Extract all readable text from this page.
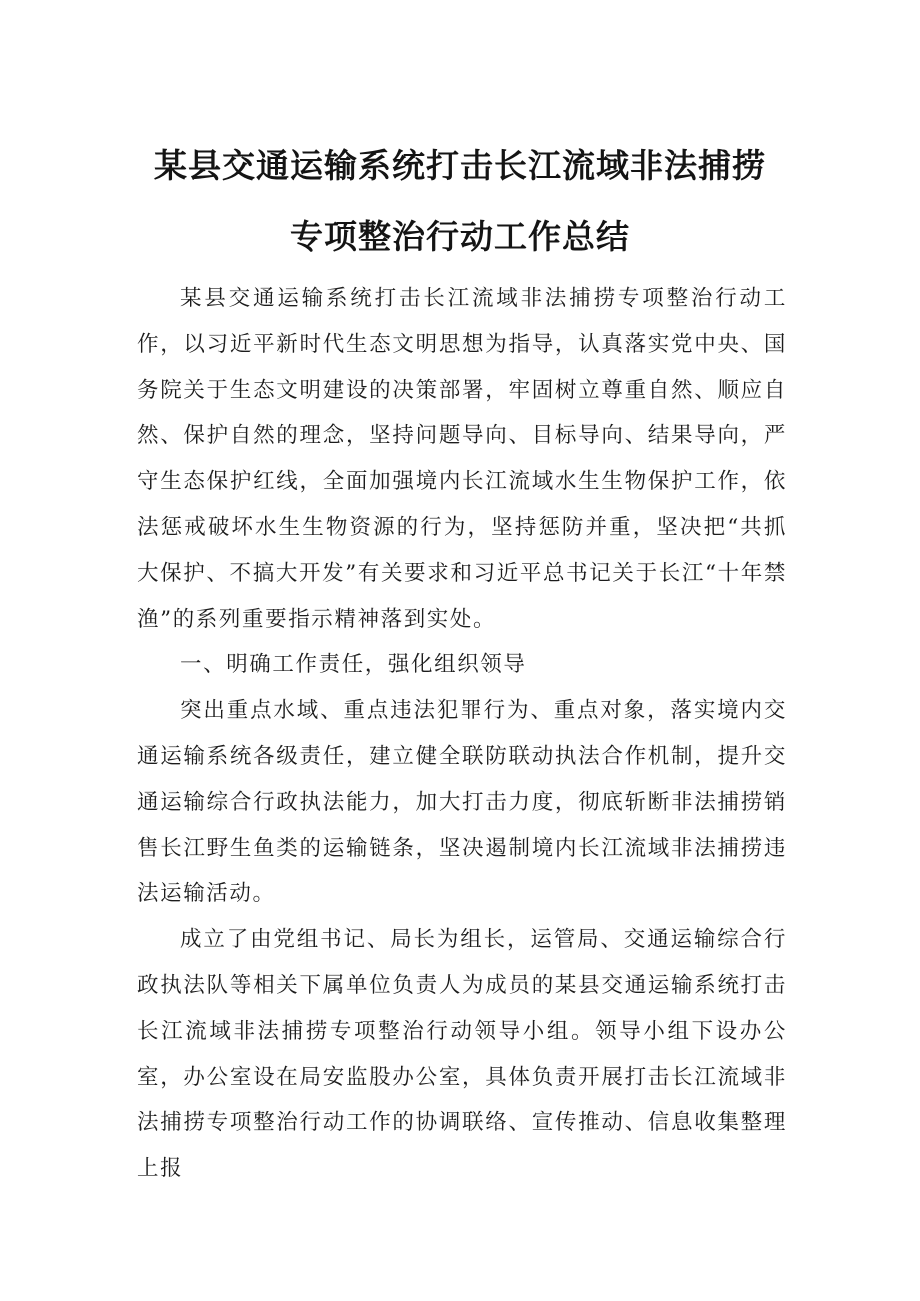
某县交通运输系统打击长江流域非法捕捞
专项整治行动工作总结

某县交通运输系统打击长江流域非法捕捞专项整治行动工作，以习近平新时代生态文明思想为指导，认真落实党中央、国务院关于生态文明建设的决策部署，牢固树立尊重自然、顺应自然、保护自然的理念，坚持问题导向、目标导向、结果导向，严守生态保护红线，全面加强境内长江流域水生生物保护工作，依法惩戒破坏水生生物资源的行为，坚持惩防并重，坚决把“共抓大保护、不搞大开发”有关要求和习近平总书记关于长江“十年禁渔”的系列重要指示精神落到实处。

一、明确工作责任，强化组织领导

突出重点水域、重点违法犯罪行为、重点对象，落实境内交通运输系统各级责任，建立健全联防联动执法合作机制，提升交通运输综合行政执法能力，加大打击力度，彻底斩断非法捕捞销售长江野生鱼类的运输链条，坚决遏制境内长江流域非法捕捞违法运输活动。

成立了由党组书记、局长为组长，运管局、交通运输综合行政执法队等相关下属单位负责人为成员的某县交通运输系统打击长江流域非法捕捞专项整治行动领导小组。领导小组下设办公室，办公室设在局安监股办公室，具体负责开展打击长江流域非法捕捞专项整治行动工作的协调联络、宣传推动、信息收集整理上报
